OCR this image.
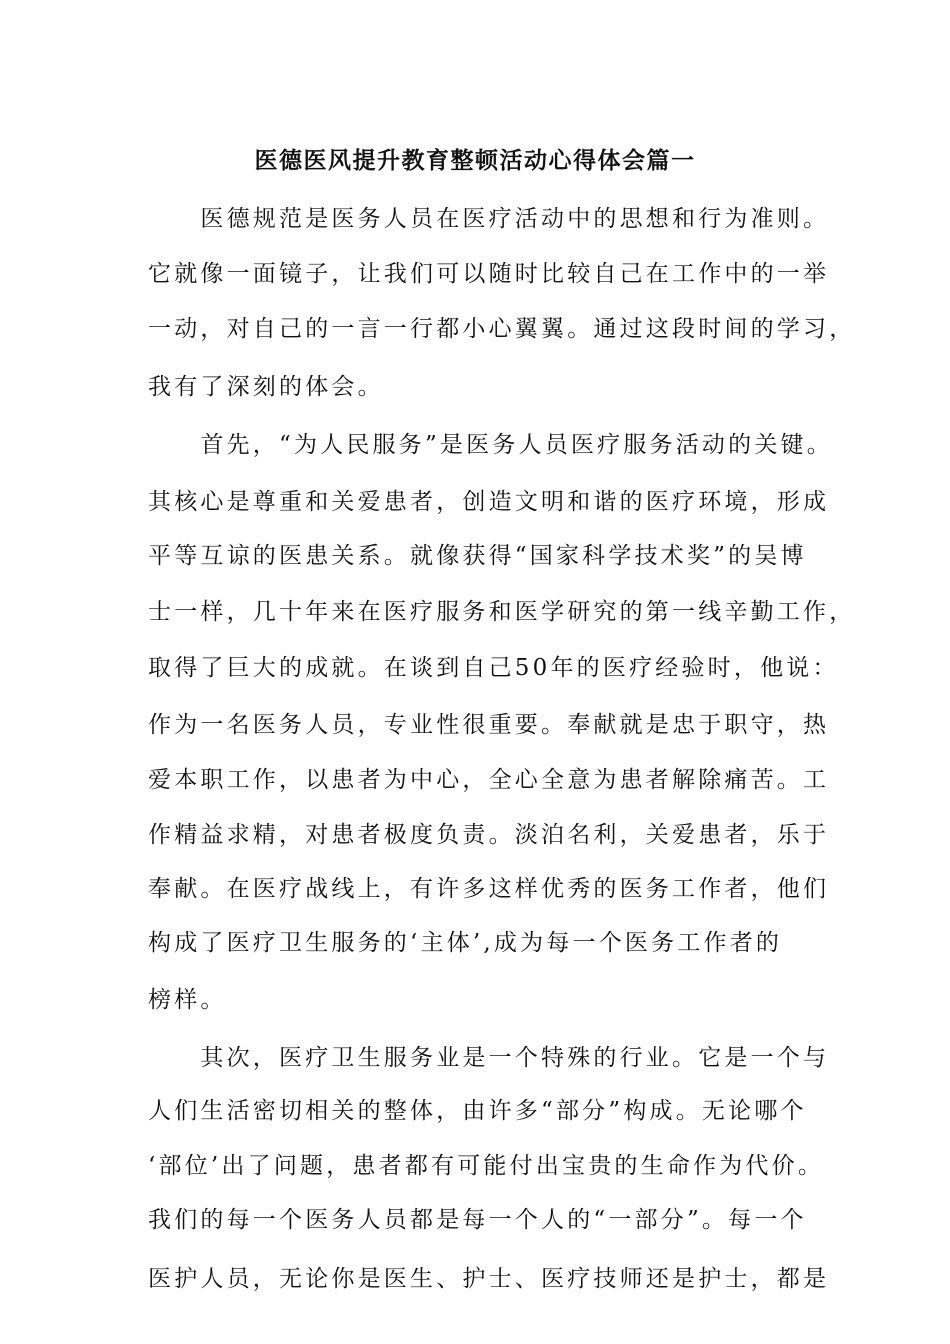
医德医风提升教育整顿活动心得体会篇一
　　医德规范是医务人员在医疗活动中的思想和行为准则。
它就像一面镜子，让我们可以随时比较自己在工作中的一举
一动，对自己的一言一行都小心翼翼。通过这段时间的学习，
我有了深刻的体会。
　　首先，“为人民服务”是医务人员医疗服务活动的关键。
其核心是尊重和关爱患者，创造文明和谐的医疗环境，形成
平等互谅的医患关系。就像获得“国家科学技术奖”的吴博
士一样，几十年来在医疗服务和医学研究的第一线辛勤工作，
取得了巨大的成就。在谈到自己50年的医疗经验时，他说：
作为一名医务人员，专业性很重要。奉献就是忠于职守，热
爱本职工作，以患者为中心，全心全意为患者解除痛苦。工
作精益求精，对患者极度负责。淡泊名利，关爱患者，乐于
奉献。在医疗战线上，有许多这样优秀的医务工作者，他们
构成了医疗卫生服务的‘主体’,成为每一个医务工作者的
榜样。
　　其次，医疗卫生服务业是一个特殊的行业。它是一个与
人们生活密切相关的整体，由许多“部分”构成。无论哪个
‘部位’出了问题，患者都有可能付出宝贵的生命作为代价。
我们的每一个医务人员都是每一个人的“一部分”。每一个
医护人员，无论你是医生、护士、医疗技师还是护士，都是
